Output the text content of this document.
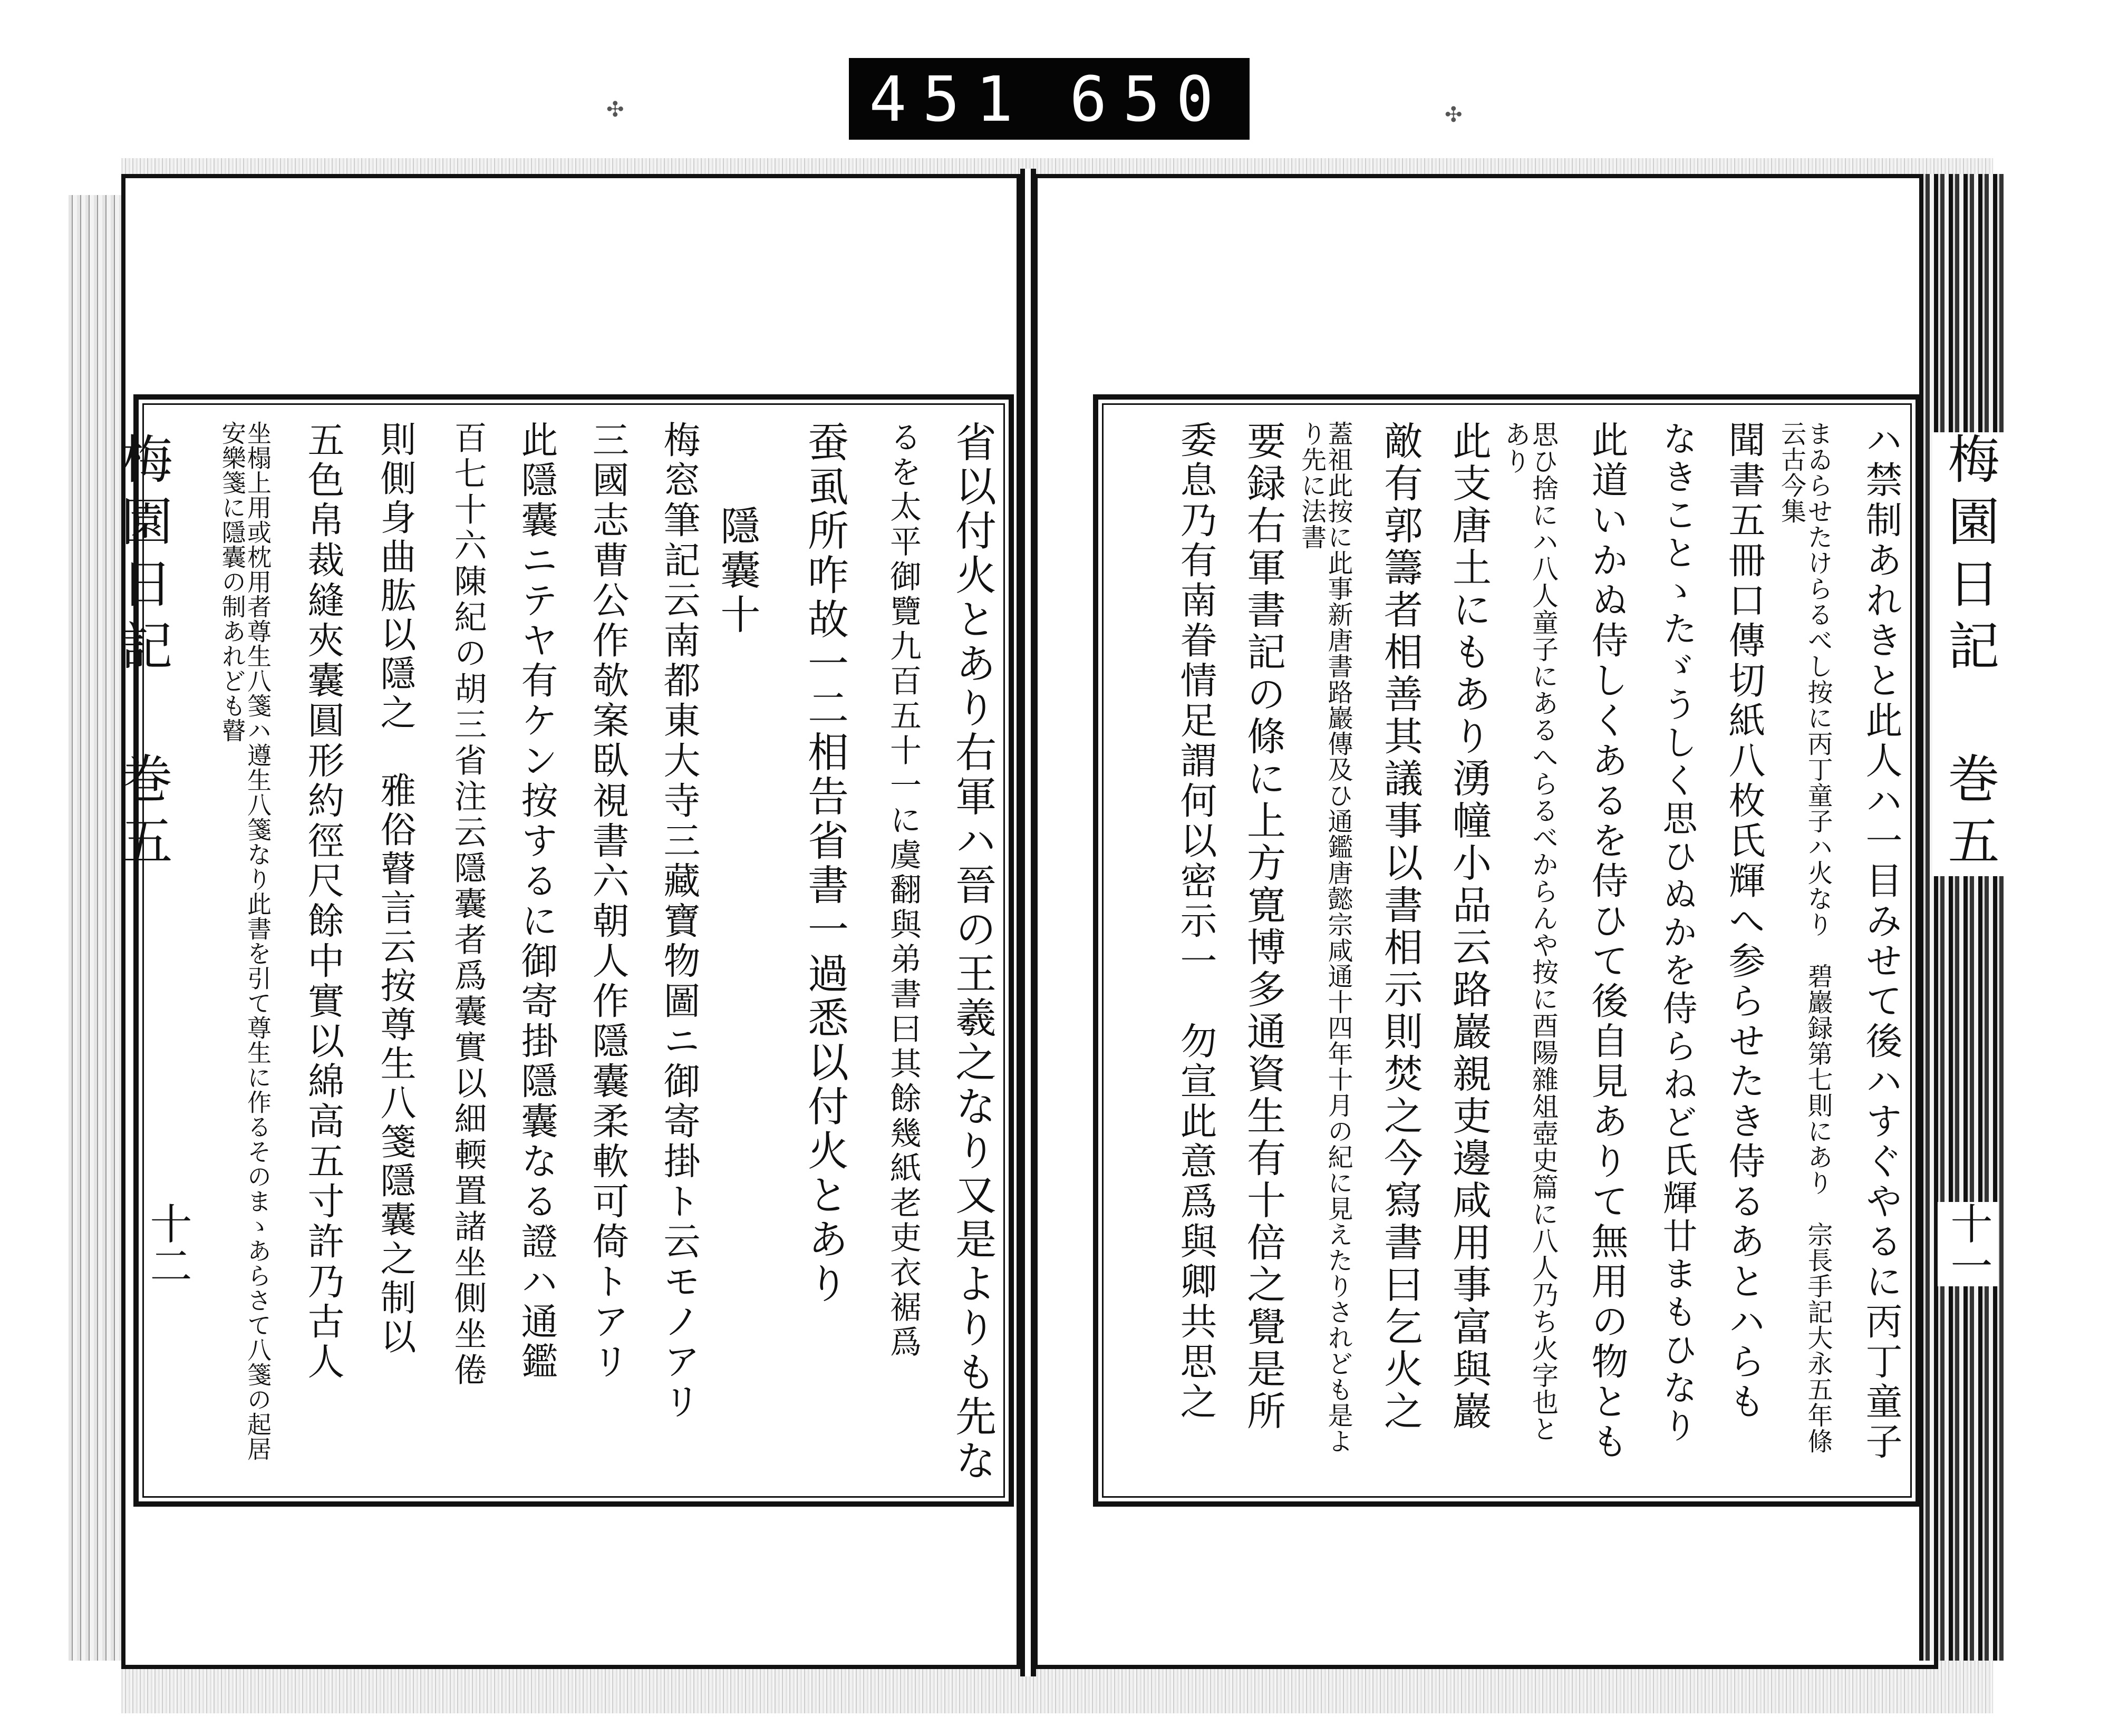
451 650
省以付火とあり右軍ハ晉の王羲之なり又是よりも先な
るを太平御覽九百五十一に虞翻與弟書曰其餘幾紙老吏衣裾爲
蚕虱所咋故一二相告省書一過悉以付火とあり
隱囊十
梅窓筆記云南都東大寺三藏寶物圖ニ御寄掛ト云モノアリ
三國志曹公作欹案臥視書六朝人作隱囊柔軟可倚トアリ
此隱囊ニテヤ有ケン按するに御寄掛隱囊なる證ハ通鑑
百七十六陳紀の胡三省注云隱囊者爲囊實以細輭置諸坐側坐倦
則側身曲肱以隱之　雅俗瞽言云按尊生八箋隱囊之制以
五色帛裁縫夾囊圓形約徑尺餘中實以綿高五寸許乃古人
坐榻上用或枕用者尊生八箋ハ遵生八箋なり此書を引て尊生に作るそのまゝあらさて八箋の起居安樂箋に隱囊の制あれども瞽
梅園日記 巻五
十二	ハ禁制あれきと此人ハ一目みせて後ハすぐやるに丙丁童子
まゐらせたけらるべし按に丙丁童子ハ火なり　碧巖録第七則にあり　宗長手記大永五年條云古今集
聞書五冊口傳切紙八枚氏輝へ参らせたき侍るあとハらも
なきことゝたゞうしく思ひぬかを侍らねど氏輝廿まもひなり
此道いかぬ侍しくあるを侍ひて後自見ありて無用の物とも
思ひ捨にハ八人童子にあるへらるべからんや按に酉陽雜俎壺史篇に八人乃ち火字也とあり
此支唐土にもあり湧幢小品云路巖親吏邊咸用事富與巖
敵有郭籌者相善其議事以書相示則焚之今寫書曰乞火之
蓋祖此按に此事新唐書路巖傳及ひ通鑑唐懿宗咸通十四年十月の紀に見えたりされども是より先に法書
要録右軍書記の條に上方寛博多通資生有十倍之覺是所
委息乃有南眷情足謂何以密示一　勿宣此意爲與卿共思之	梅園日記 巻五
十一
✣	✣
